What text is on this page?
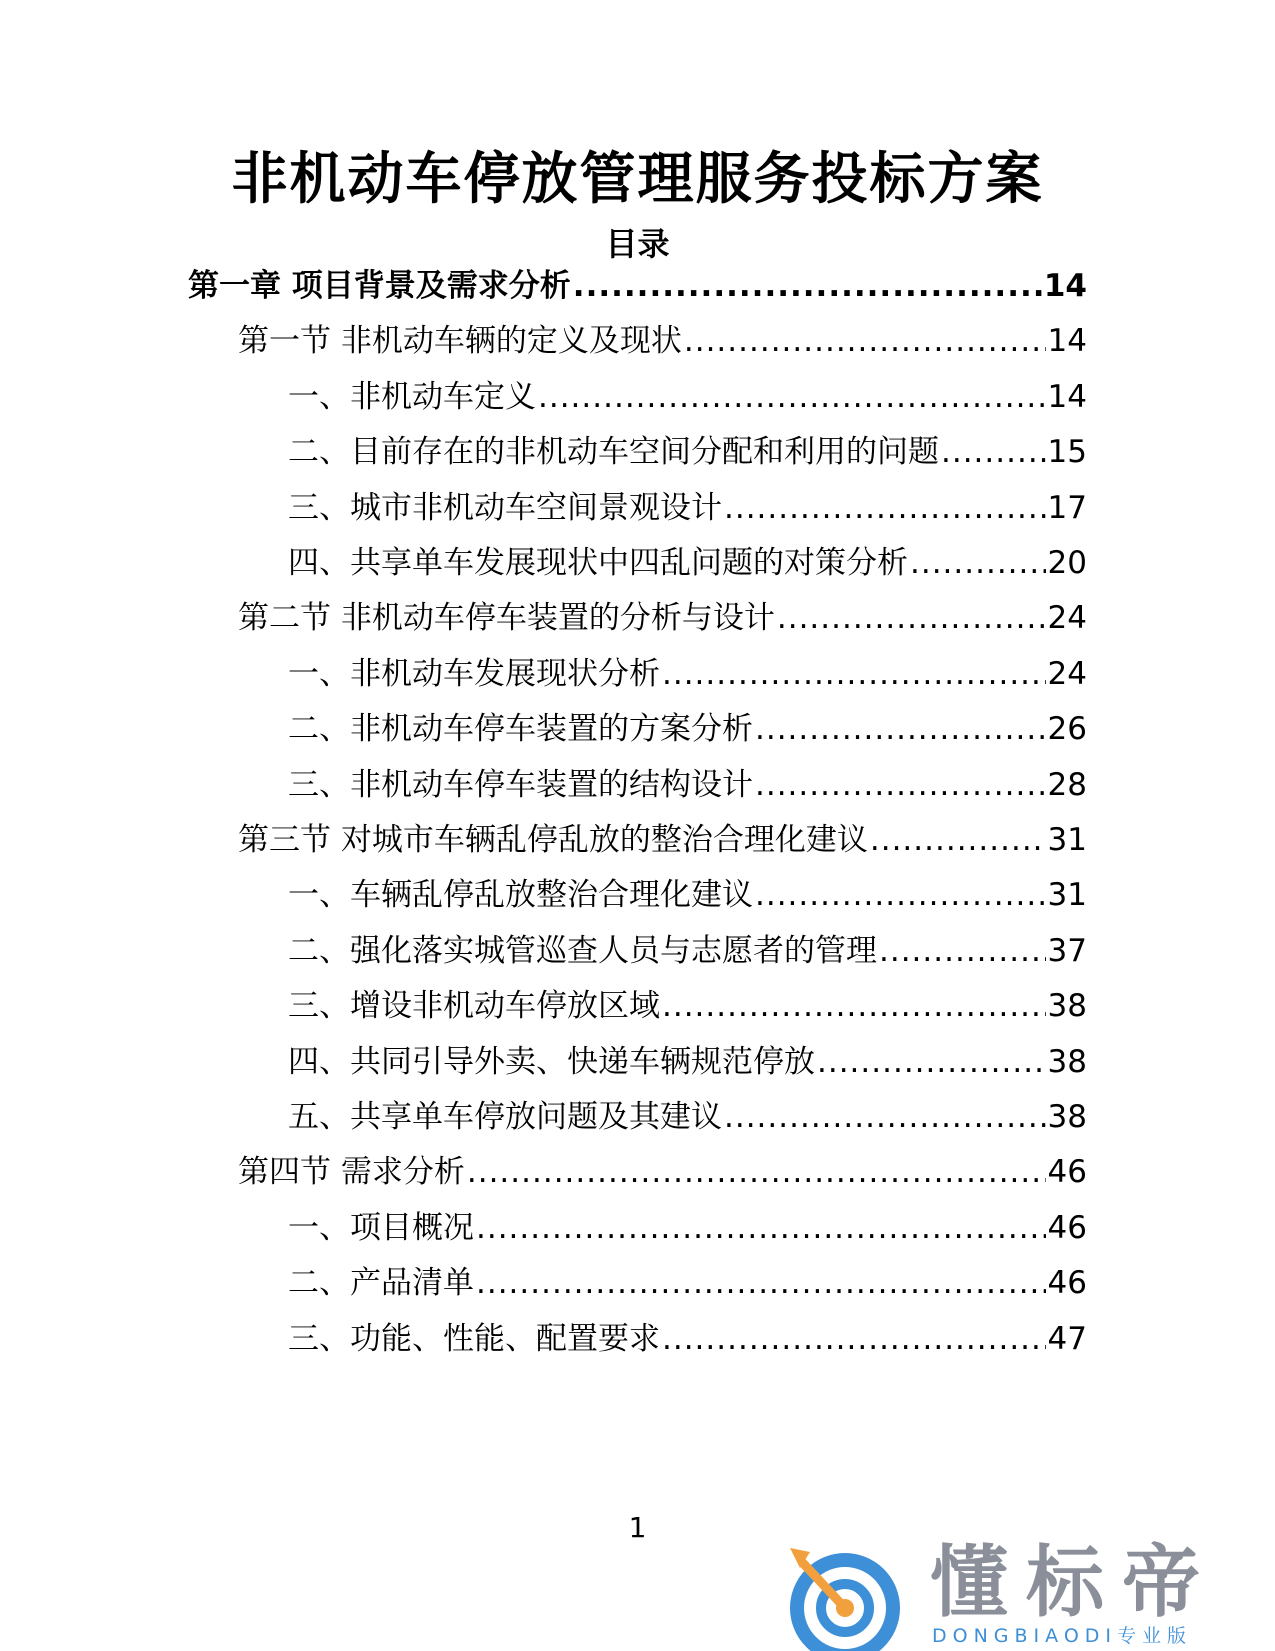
非机动车停放管理服务投标方案
目录
第一章 项目背景及需求分析 .....	14
第一节 非机动车辆的定义及现状 .....	14
一、非机动车定义 .....	14
二、目前存在的非机动车空间分配和利用的问题 .....	15
三、城市非机动车空间景观设计 .....	17
四、共享单车发展现状中四乱问题的对策分析 .....	20
第二节 非机动车停车装置的分析与设计 .....	24
一、非机动车发展现状分析 .....	24
二、非机动车停车装置的方案分析 .....	26
三、非机动车停车装置的结构设计 .....	28
第三节 对城市车辆乱停乱放的整治合理化建议 .....	31
一、车辆乱停乱放整治合理化建议 .....	31
二、强化落实城管巡查人员与志愿者的管理 .....	37
三、增设非机动车停放区域 .....	38
四、共同引导外卖、快递车辆规范停放 .....	38
五、共享单车停放问题及其建议 .....	38
第四节 需求分析 .....	46
一、项目概况 .....	46
二、产品清单 .....	46
三、功能、性能、配置要求 .....	47
1
懂标帝
DONGBIAODI专业版
